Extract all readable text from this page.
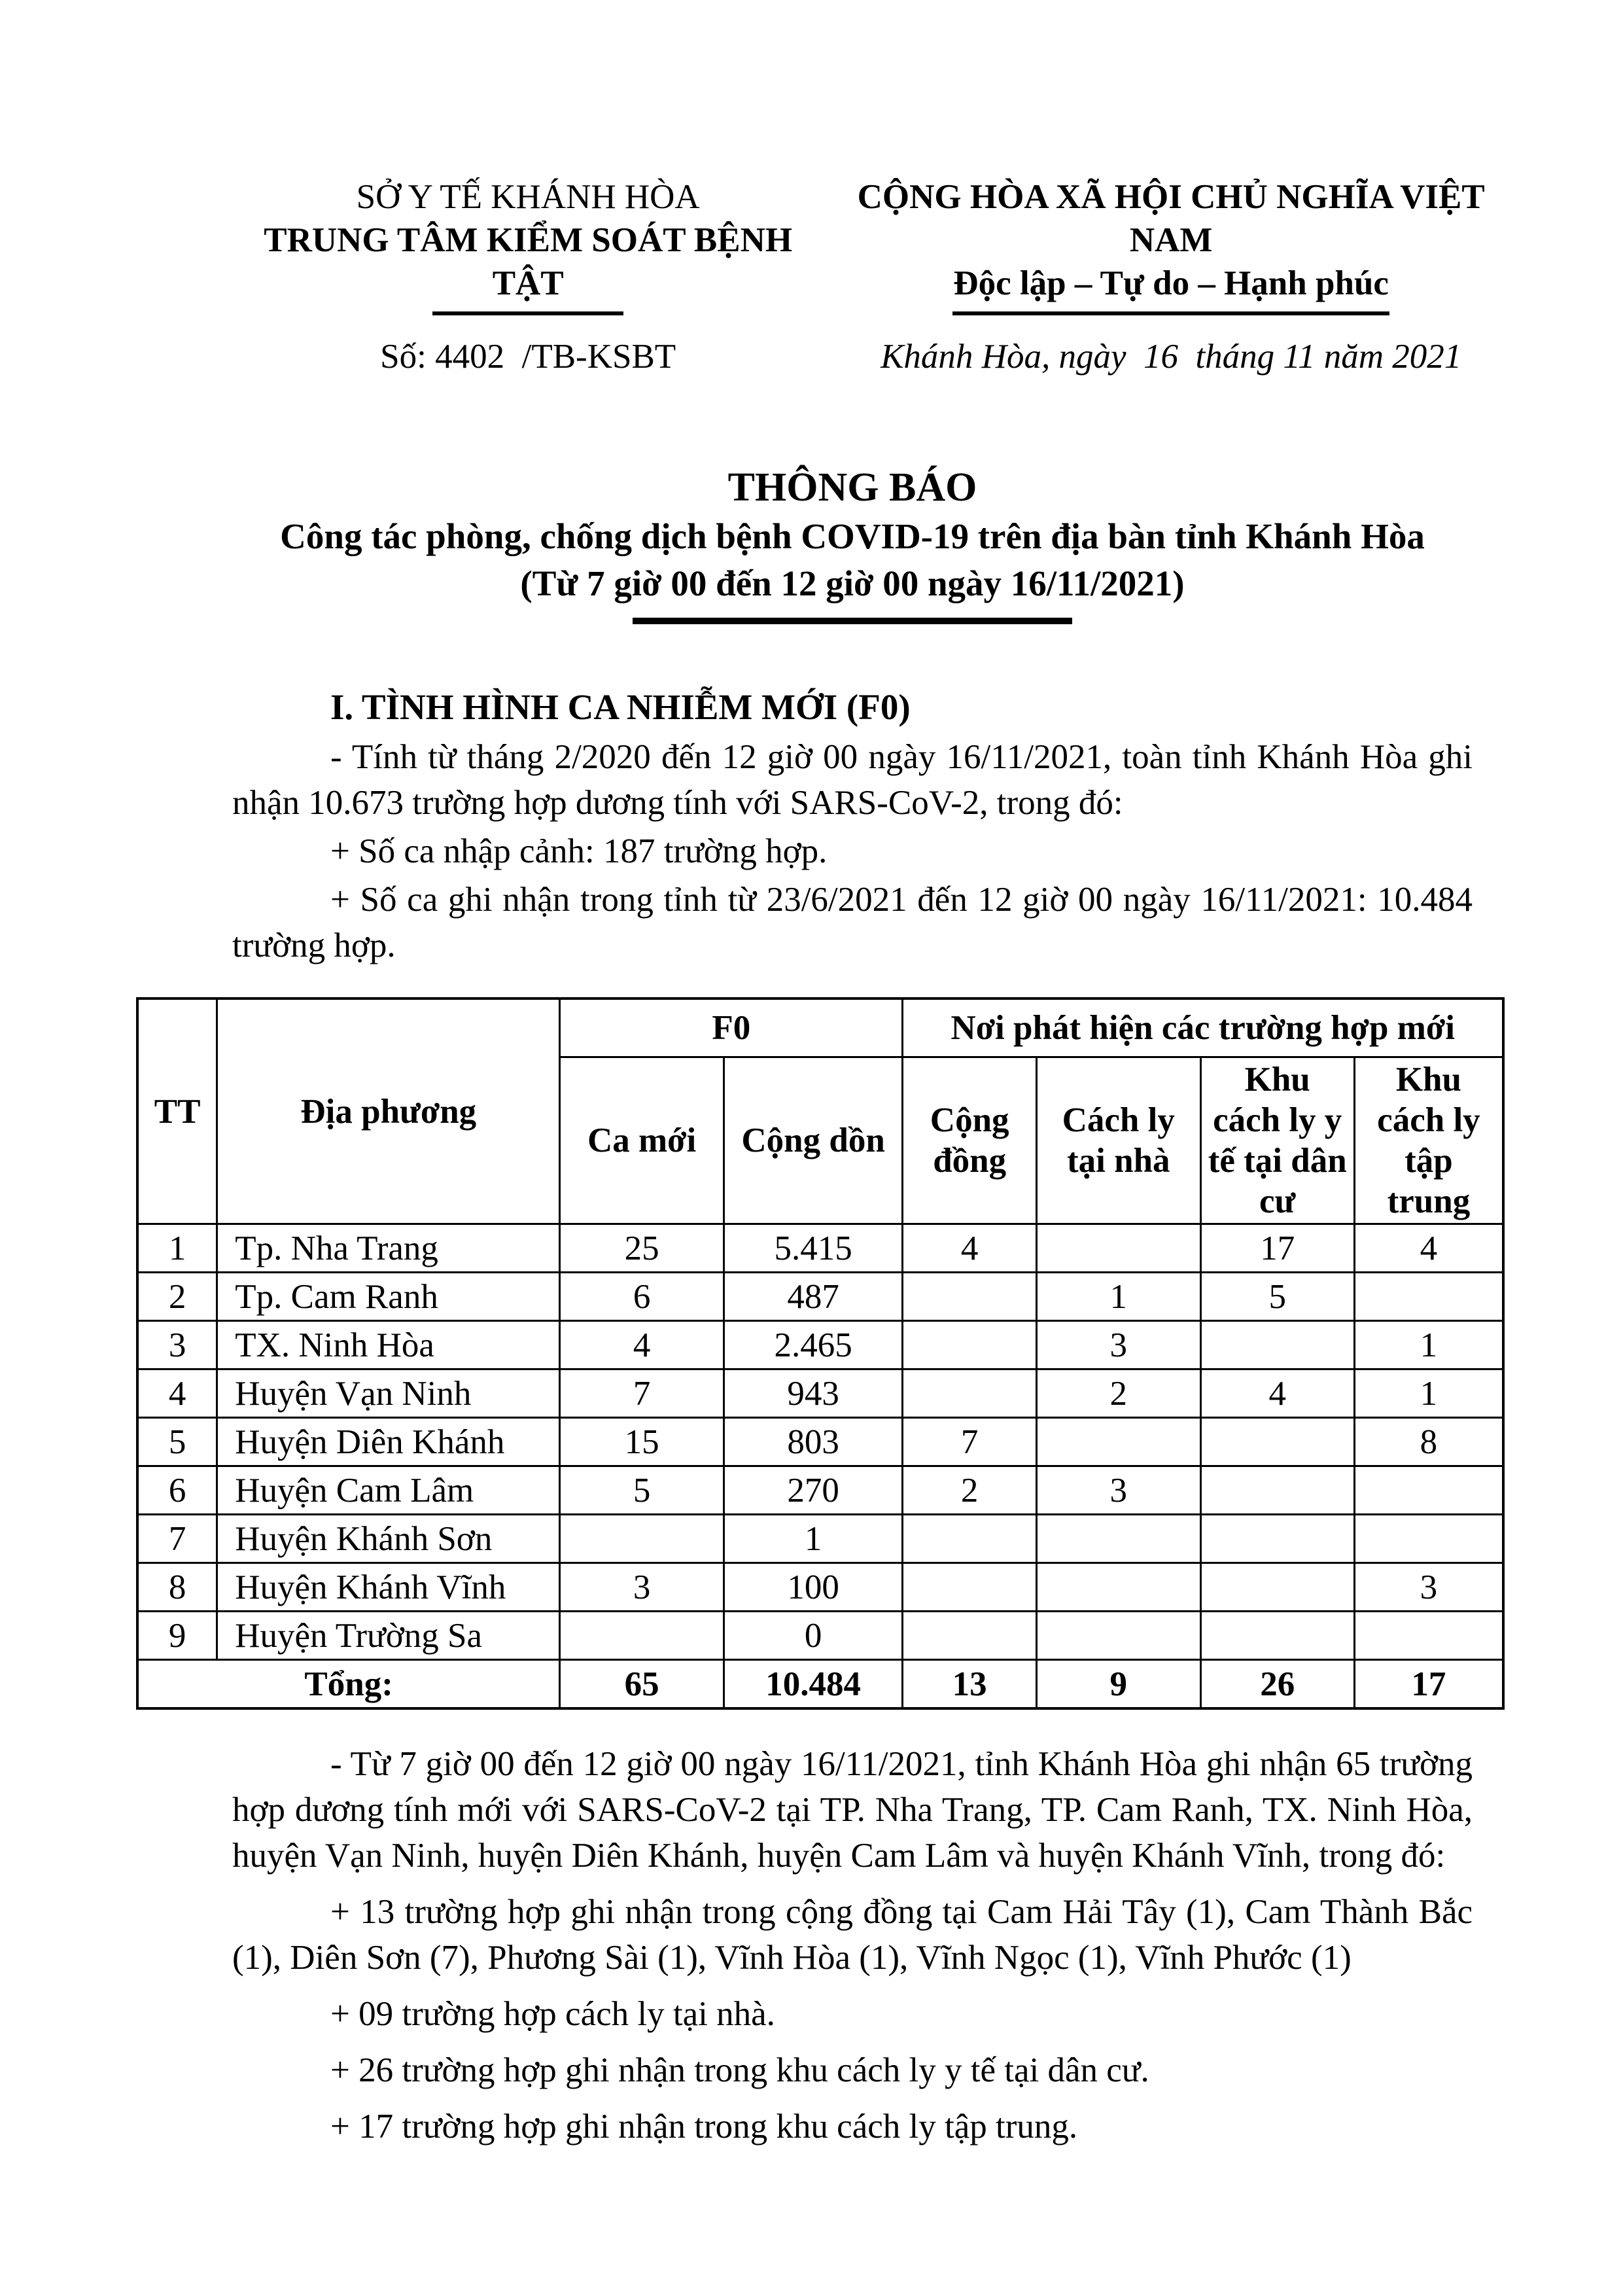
SỞ Y TẾ KHÁNH HÒA
TRUNG TÂM KIỂM SOÁT BỆNH TẬT
Số: 4402  /TB-KSBT
CỘNG HÒA XÃ HỘI CHỦ NGHĨA VIỆT NAM
Độc lập – Tự do – Hạnh phúc
Khánh Hòa, ngày  16  tháng 11 năm 2021
THÔNG BÁO
Công tác phòng, chống dịch bệnh COVID-19 trên địa bàn tỉnh Khánh Hòa
(Từ 7 giờ 00 đến 12 giờ 00 ngày 16/11/2021)
I. TÌNH HÌNH CA NHIỄM MỚI (F0)

- Tính từ tháng 2/2020 đến 12 giờ 00 ngày 16/11/2021, toàn tỉnh Khánh Hòa ghi nhận 10.673 trường hợp dương tính với SARS-CoV-2, trong đó:

+ Số ca nhập cảnh: 187 trường hợp.

+ Số ca ghi nhận trong tỉnh từ 23/6/2021 đến 12 giờ 00 ngày 16/11/2021: 10.484 trường hợp.

TT	Địa phương	F0		Nơi phát hiện các trường hợp mới			
		Ca mới	Cộng dồn	Cộng đồng	Cách ly tại nhà	Khu cách ly y tế tại dân cư	Khu cách ly tập trung
1	Tp. Nha Trang	25	5.415	4		17	4
2	Tp. Cam Ranh	6	487		1	5	
3	TX. Ninh Hòa	4	2.465		3		1
4	Huyện Vạn Ninh	7	943		2	4	1
5	Huyện Diên Khánh	15	803	7			8
6	Huyện Cam Lâm	5	270	2	3		
7	Huyện Khánh Sơn		1				
8	Huyện Khánh Vĩnh	3	100				3
9	Huyện Trường Sa		0				
Tổng:		65	10.484	13	9	26	17

- Từ 7 giờ 00 đến 12 giờ 00 ngày 16/11/2021, tỉnh Khánh Hòa ghi nhận 65 trường hợp dương tính mới với SARS-CoV-2 tại TP. Nha Trang, TP. Cam Ranh, TX. Ninh Hòa, huyện Vạn Ninh, huyện Diên Khánh, huyện Cam Lâm và huyện Khánh Vĩnh, trong đó:

+ 13 trường hợp ghi nhận trong cộng đồng tại Cam Hải Tây (1), Cam Thành Bắc (1), Diên Sơn (7), Phương Sài (1), Vĩnh Hòa (1), Vĩnh Ngọc (1), Vĩnh Phước (1)

+ 09 trường hợp cách ly tại nhà.

+ 26 trường hợp ghi nhận trong khu cách ly y tế tại dân cư.

+ 17 trường hợp ghi nhận trong khu cách ly tập trung.
